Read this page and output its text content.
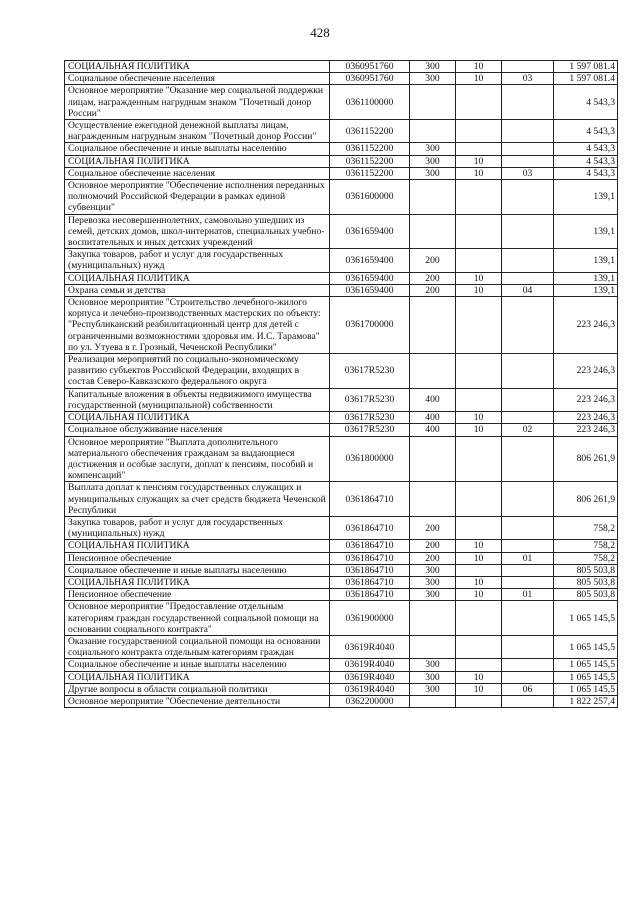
428
СОЦИАЛЬНАЯ ПОЛИТИКА	0360951760	300	10		1 597 081.4
Социальное обеспечение населения	0360951760	300	10	03	1 597 081.4
Основное мероприятие "Оказание мер социальной поддержки лицам, награжденным нагрудным знаком "Почетный донор России"	0361100000				4 543,3
Осуществление ежегодной денежной выплаты лицам, награжденным нагрудным знаком "Почетный донор России"	0361152200				4 543,3
Социальное обеспечение и иные выплаты населению	0361152200	300			4 543,3
СОЦИАЛЬНАЯ ПОЛИТИКА	0361152200	300	10		4 543,3
Социальное обеспечение населения	0361152200	300	10	03	4 543,3
Основное мероприятие "Обеспечение исполнения переданных полномочий Российской Федерации в рамках единой субвенции"	0361600000				139,1
Перевозка несовершеннолетних, самовольно ушедших из семей, детских домов, школ-интернатов, специальных учебно-воспитательных и иных детских учреждений	0361659400				139,1
Закупка товаров, работ и услуг для государственных (муниципальных) нужд	0361659400	200			139,1
СОЦИАЛЬНАЯ ПОЛИТИКА	0361659400	200	10		139,1
Охрана семьи и детства	0361659400	200	10	04	139,1
Основное мероприятие "Строительство лечебного-жилого корпуса и лечебно-производственных мастерских по объекту: "Республиканский реабилитационный центр для детей с ограниченными возможностями здоровья им. И.С. Тарамова" по ул. Утуева в г. Грозный, Чеченской Республики"	0361700000				223 246,3
Реализация мероприятий по социально-экономическому развитию субъектов Российской Федерации, входящих в состав Северо-Кавказского федерального округа	03617R5230				223 246,3
Капитальные вложения в объекты недвижимого имущества государственной (муниципальной) собственности	03617R5230	400			223 246,3
СОЦИАЛЬНАЯ ПОЛИТИКА	03617R5230	400	10		223 246,3
Социальное обслуживание населения	03617R5230	400	10	02	223 246,3
Основное мероприятие "Выплата дополнительного материального обеспечения гражданам за выдающиеся достижения и особые заслуги, доплат к пенсиям, пособий и компенсаций"	0361800000				806 261,9
Выплата доплат к пенсиям государственных служащих и муниципальных служащих за счет средств бюджета Чеченской Республики	0361864710				806 261,9
Закупка товаров, работ и услуг для государственных (муниципальных) нужд	0361864710	200			758,2
СОЦИАЛЬНАЯ ПОЛИТИКА	0361864710	200	10		758,2
Пенсионное обеспечение	0361864710	200	10	01	758,2
Социальное обеспечение и иные выплаты населению	0361864710	300			805 503,8
СОЦИАЛЬНАЯ ПОЛИТИКА	0361864710	300	10		805 503,8
Пенсионное обеспечение	0361864710	300	10	01	805 503,8
Основное мероприятие "Предоставление отдельным категориям граждан государственной социальной помощи на основании социального контракта"	0361900000				1 065 145,5
Оказание государственной социальной помощи на основании социального контракта отдельным категориям граждан	03619R4040				1 065 145,5
Социальное обеспечение и иные выплаты населению	03619R4040	300			1 065 145,5
СОЦИАЛЬНАЯ ПОЛИТИКА	03619R4040	300	10		1 065 145,5
Другие вопросы в области социальной политики	03619R4040	300	10	06	1 065 145,5
Основное мероприятие "Обеспечение деятельности	0362200000				1 822 257,4
